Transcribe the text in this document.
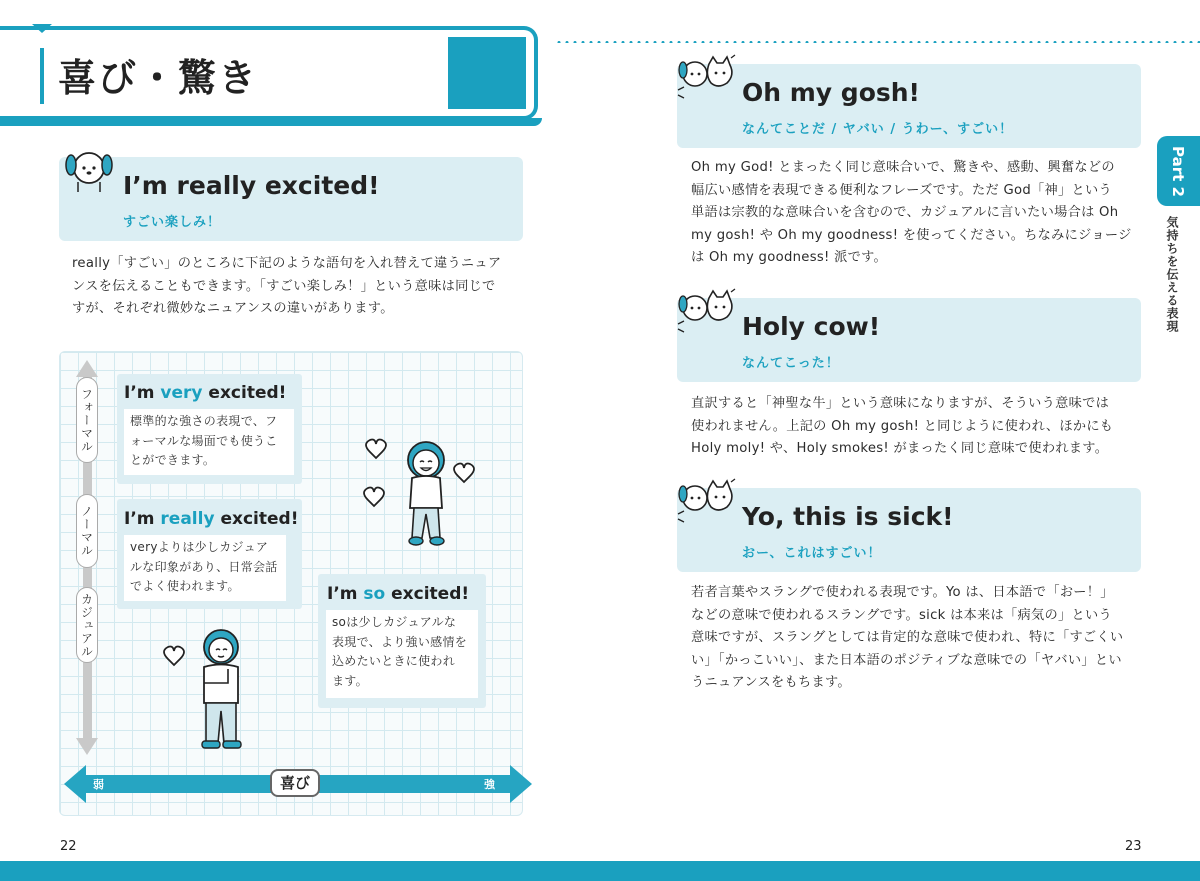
喜び・驚き
I’m really excited!
すごい楽しみ！
really「すごい」のところに下記のような語句を入れ替えて違うニュア
ンスを伝えることもできます。「すごい楽しみ！」という意味は同じで
すが、それぞれ微妙なニュアンスの違いがあります。
フォーマル
ノーマル
カジュアル
I’m very excited!
標準的な強さの表現で、フ
ォーマルな場面でも使うこ
とができます。
I’m really excited!
veryよりは少しカジュア
ルな印象があり、日常会話
でよく使われます。	I’m so excited!
soは少しカジュアルな
表現で、より強い感情を
込めたいときに使われ
ます。
弱	強
喜び
22
Part 2
気持ちを伝える表現
Oh my gosh!
なんてことだ / ヤバい / うわー、すごい！
Oh my God! とまったく同じ意味合いで、驚きや、感動、興奮などの
幅広い感情を表現できる便利なフレーズです。ただ God「神」という
単語は宗教的な意味合いを含むので、カジュアルに言いたい場合は Oh
my gosh! や Oh my goodness! を使ってください。ちなみにジョージ
は Oh my goodness! 派です。
Holy cow!
なんてこった！
直訳すると「神聖な牛」という意味になりますが、そういう意味では
使われません。上記の Oh my gosh! と同じように使われ、ほかにも
Holy moly! や、Holy smokes! がまったく同じ意味で使われます。
Yo, this is sick!
おー、これはすごい！
若者言葉やスラングで使われる表現です。Yo は、日本語で「おー！」
などの意味で使われるスラングです。sick は本来は「病気の」という
意味ですが、スラングとしては肯定的な意味で使われ、特に「すごくい
い」「かっこいい」、また日本語のポジティブな意味での「ヤバい」とい
うニュアンスをもちます。
23
